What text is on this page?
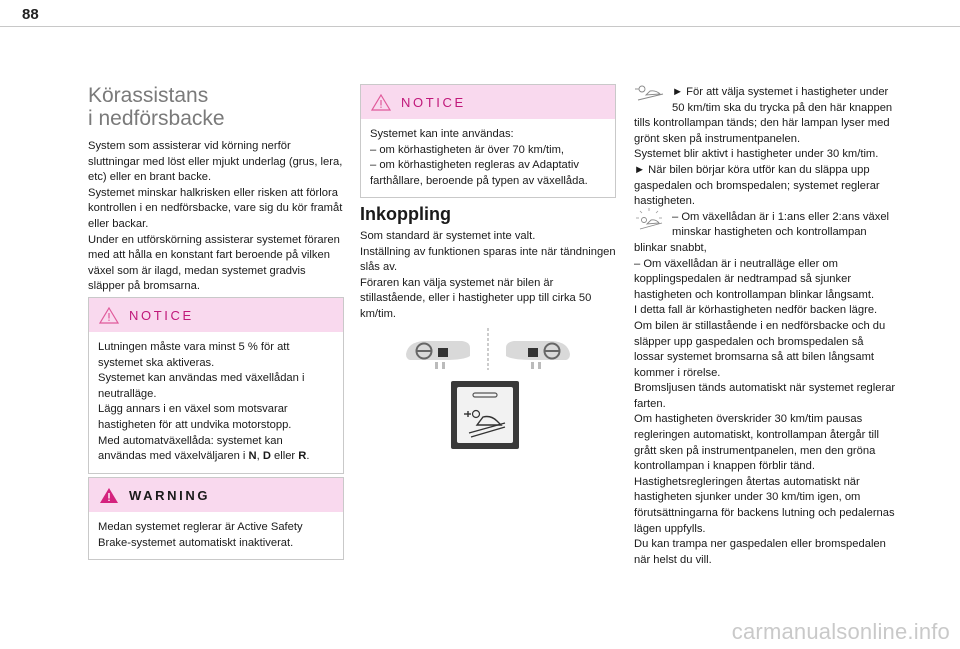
88
Körassistans
i nedförsbacke

System som assisterar vid körning nerför sluttningar med löst eller mjukt underlag (grus, lera, etc) eller en brant backe.

Systemet minskar halkrisken eller risken att förlora kontrollen i en nedförsbacke, vare sig du kör framåt eller backar.

Under en utförskörning assisterar systemet föraren med att hålla en konstant fart beroende på vilken växel som är ilagd, medan systemet gradvis släpper på bromsarna.

NOTICE

Lutningen måste vara minst 5 % för att systemet ska aktiveras.

Systemet kan användas med växellådan i neutralläge.

Lägg annars i en växel som motsvarar hastigheten för att undvika motorstopp.

Med automatväxellåda: systemet kan användas med växelväljaren i N, D eller R.

WARNING

Medan systemet reglerar är Active Safety Brake-systemet automatiskt inaktiverat.

NOTICE

Systemet kan inte användas:

– om körhastigheten är över 70 km/tim,

– om körhastigheten regleras av Adaptativ farthållare, beroende på typen av växellåda.

Inkoppling

Som standard är systemet inte valt.

Inställning av funktionen sparas inte när tändningen slås av.

Föraren kan välja systemet när bilen är stillastående, eller i hastigheter upp till cirka 50 km/tim.

► För att välja systemet i hastigheter under 50 km/tim ska du trycka på den här knappen tills kontrollampan tänds; den här lampan lyser med grönt sken på instrumentpanelen.

Systemet blir aktivt i hastigheter under 30 km/tim.

► När bilen börjar köra utför kan du släppa upp gaspedalen och bromspedalen; systemet reglerar hastigheten.

– Om växellådan är i 1:ans eller 2:ans växel minskar hastigheten och kontrollampan blinkar snabbt,

– Om växellådan är i neutralläge eller om kopplingspedalen är nedtrampad så sjunker hastigheten och kontrollampan blinkar långsamt.

I detta fall är körhastigheten nedför backen lägre.

Om bilen är stillastående i en nedförsbacke och du släpper upp gaspedalen och bromspedalen så lossar systemet bromsarna så att bilen långsamt kommer i rörelse.

Bromsljusen tänds automatiskt när systemet reglerar farten.

Om hastigheten överskrider 30 km/tim pausas regleringen automatiskt, kontrollampan återgår till grått sken på instrumentpanelen, men den gröna kontrollampan i knappen förblir tänd.

Hastighetsregleringen återtas automatiskt när hastigheten sjunker under 30 km/tim igen, om förutsättningarna för backens lutning och pedalernas lägen uppfylls.

Du kan trampa ner gaspedalen eller bromspedalen när helst du vill.

carmanualsonline.info
